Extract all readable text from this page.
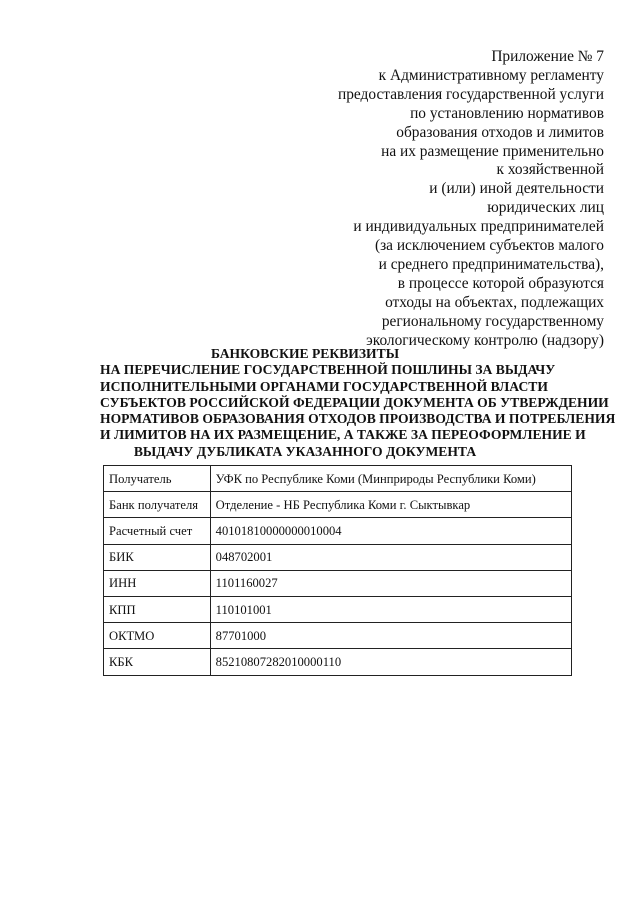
Приложение № 7
к Административному регламенту
предоставления государственной услуги
по установлению нормативов
образования отходов и лимитов
на их размещение применительно
к хозяйственной
и (или) иной деятельности
юридических лиц
и индивидуальных предпринимателей
(за исключением субъектов малого
и среднего предпринимательства),
в процессе которой образуются
отходы на объектах, подлежащих
региональному государственному
экологическому контролю (надзору)
БАНКОВСКИЕ РЕКВИЗИТЫ
НА ПЕРЕЧИСЛЕНИЕ ГОСУДАРСТВЕННОЙ ПОШЛИНЫ ЗА ВЫДАЧУ
ИСПОЛНИТЕЛЬНЫМИ ОРГАНАМИ ГОСУДАРСТВЕННОЙ ВЛАСТИ
СУБЪЕКТОВ РОССИЙСКОЙ ФЕДЕРАЦИИ ДОКУМЕНТА ОБ УТВЕРЖДЕНИИ
НОРМАТИВОВ ОБРАЗОВАНИЯ ОТХОДОВ ПРОИЗВОДСТВА И ПОТРЕБЛЕНИЯ
И ЛИМИТОВ НА ИХ РАЗМЕЩЕНИЕ, А ТАКЖЕ ЗА ПЕРЕОФОРМЛЕНИЕ И
ВЫДАЧУ ДУБЛИКАТА УКАЗАННОГО ДОКУМЕНТА
Получатель	УФК по Республике Коми (Минприроды Республики Коми)
Банк получателя	Отделение - НБ Республика Коми г. Сыктывкар
Расчетный счет	40101810000000010004
БИК	048702001
ИНН	1101160027
КПП	110101001
ОКТМО	87701000
КБК	85210807282010000110
